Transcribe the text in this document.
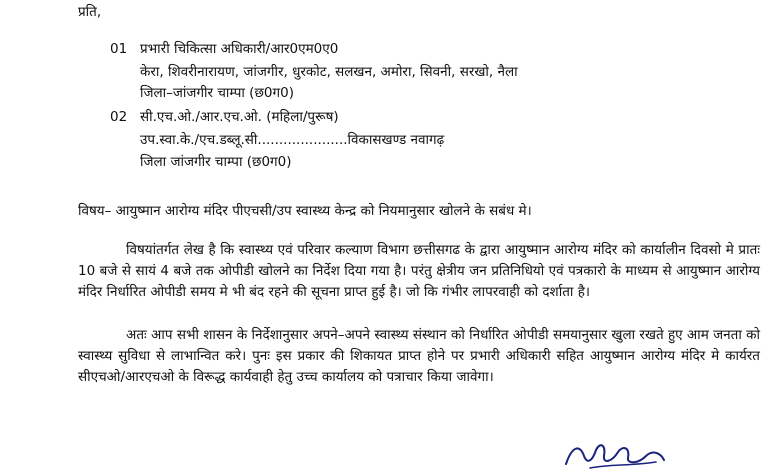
प्रति,
01 प्रभारी चिकित्सा अधिकारी/आर0एम0ए0
केरा, शिवरीनारायण, जांजगीर, धुरकोट, सलखन, अमोरा, सिवनी, सरखो, नैला
जिला–जांजगीर चाम्पा (छ0ग0)
02 सी.एच.ओ./आर.एच.ओ. (महिला/पुरूष)
उप.स्वा.के./एच.डब्लू.सी.....................विकासखण्ड नवागढ़
जिला जांजगीर चाम्पा (छ0ग0)
विषय– आयुष्मान आरोग्य मंदिर पीएचसी/उप स्वास्थ्य केन्द्र को नियमानुसार खोलने के सबंध मे।
विषयांतर्गत लेख है कि स्वास्थ्य एवं परिवार कल्याण विभाग छत्तीसगढ के द्वारा आयुष्मान आरोग्य मंदिर को कार्यालीन दिवसो मे प्रातः 10 बजे से सायं 4 बजे तक ओपीडी खोलने का निर्देश दिया गया है। परंतु क्षेत्रीय जन प्रतिनिधियो एवं पत्रकारो के माध्यम से आयुष्मान आरोग्य मंदिर निर्धारित ओपीडी समय मे भी बंद रहने की सूचना प्राप्त हुई है। जो कि गंभीर लापरवाही को दर्शाता है।
अतः आप सभी शासन के निर्देशानुसार अपने–अपने स्वास्थ्य संस्थान को निर्धारित ओपीडी समयानुसार खुला रखते हुए आम जनता को स्वास्थ्य सुविधा से लाभान्वित करे। पुनः इस प्रकार की शिकायत प्राप्त होने पर प्रभारी अधिकारी सहित आयुष्मान आरोग्य मंदिर मे कार्यरत सीएचओ/आरएचओ के विरूद्ध कार्यवाही हेतु उच्च कार्यालय को पत्राचार किया जावेगा।
